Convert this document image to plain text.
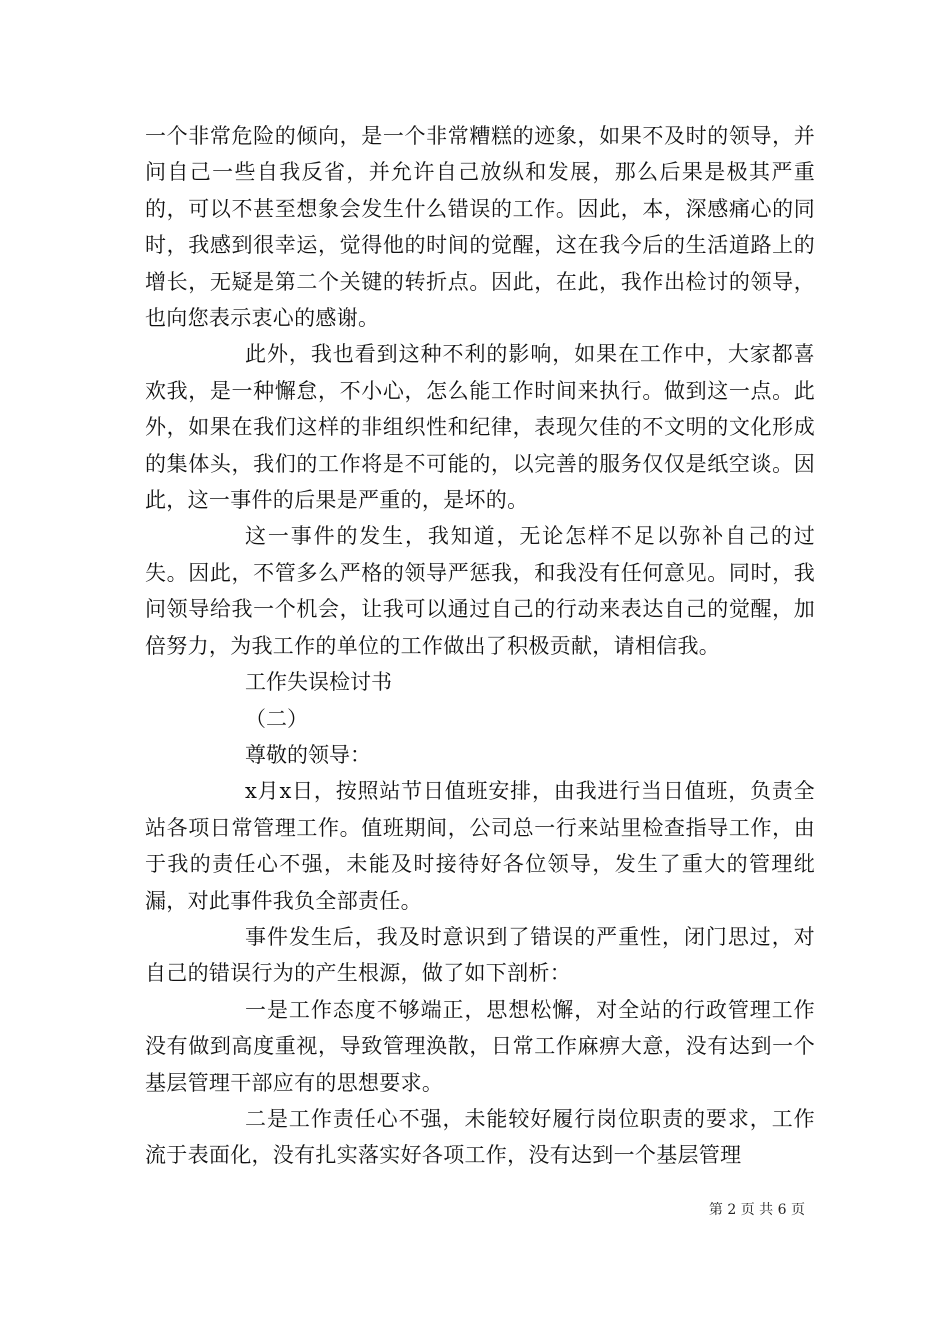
一个非常危险的倾向，是一个非常糟糕的迹象，如果不及时的领导，并问自己一些自我反省，并允许自己放纵和发展，那么后果是极其严重的，可以不甚至想象会发生什么错误的工作。因此，本，深感痛心的同时，我感到很幸运，觉得他的时间的觉醒，这在我今后的生活道路上的增长，无疑是第二个关键的转折点。因此，在此，我作出检讨的领导，也向您表示衷心的感谢。

此外，我也看到这种不利的影响，如果在工作中，大家都喜欢我，是一种懈怠，不小心，怎么能工作时间来执行。做到这一点。此外，如果在我们这样的非组织性和纪律，表现欠佳的不文明的文化形成的集体头，我们的工作将是不可能的，以完善的服务仅仅是纸空谈。因此，这一事件的后果是严重的，是坏的。

这一事件的发生，我知道，无论怎样不足以弥补自己的过失。因此，不管多么严格的领导严惩我，和我没有任何意见。同时，我问领导给我一个机会，让我可以通过自己的行动来表达自己的觉醒，加倍努力，为我工作的单位的工作做出了积极贡献，请相信我。

工作失误检讨书

（二）

尊敬的领导：

x月x日，按照站节日值班安排，由我进行当日值班，负责全站各项日常管理工作。值班期间，公司总一行来站里检查指导工作，由于我的责任心不强，未能及时接待好各位领导，发生了重大的管理纰漏，对此事件我负全部责任。

事件发生后，我及时意识到了错误的严重性，闭门思过，对自己的错误行为的产生根源，做了如下剖析：

一是工作态度不够端正，思想松懈，对全站的行政管理工作没有做到高度重视，导致管理涣散，日常工作麻痹大意，没有达到一个基层管理干部应有的思想要求。

二是工作责任心不强，未能较好履行岗位职责的要求，工作流于表面化，没有扎实落实好各项工作，没有达到一个基层管理

第 2 页 共 6 页
